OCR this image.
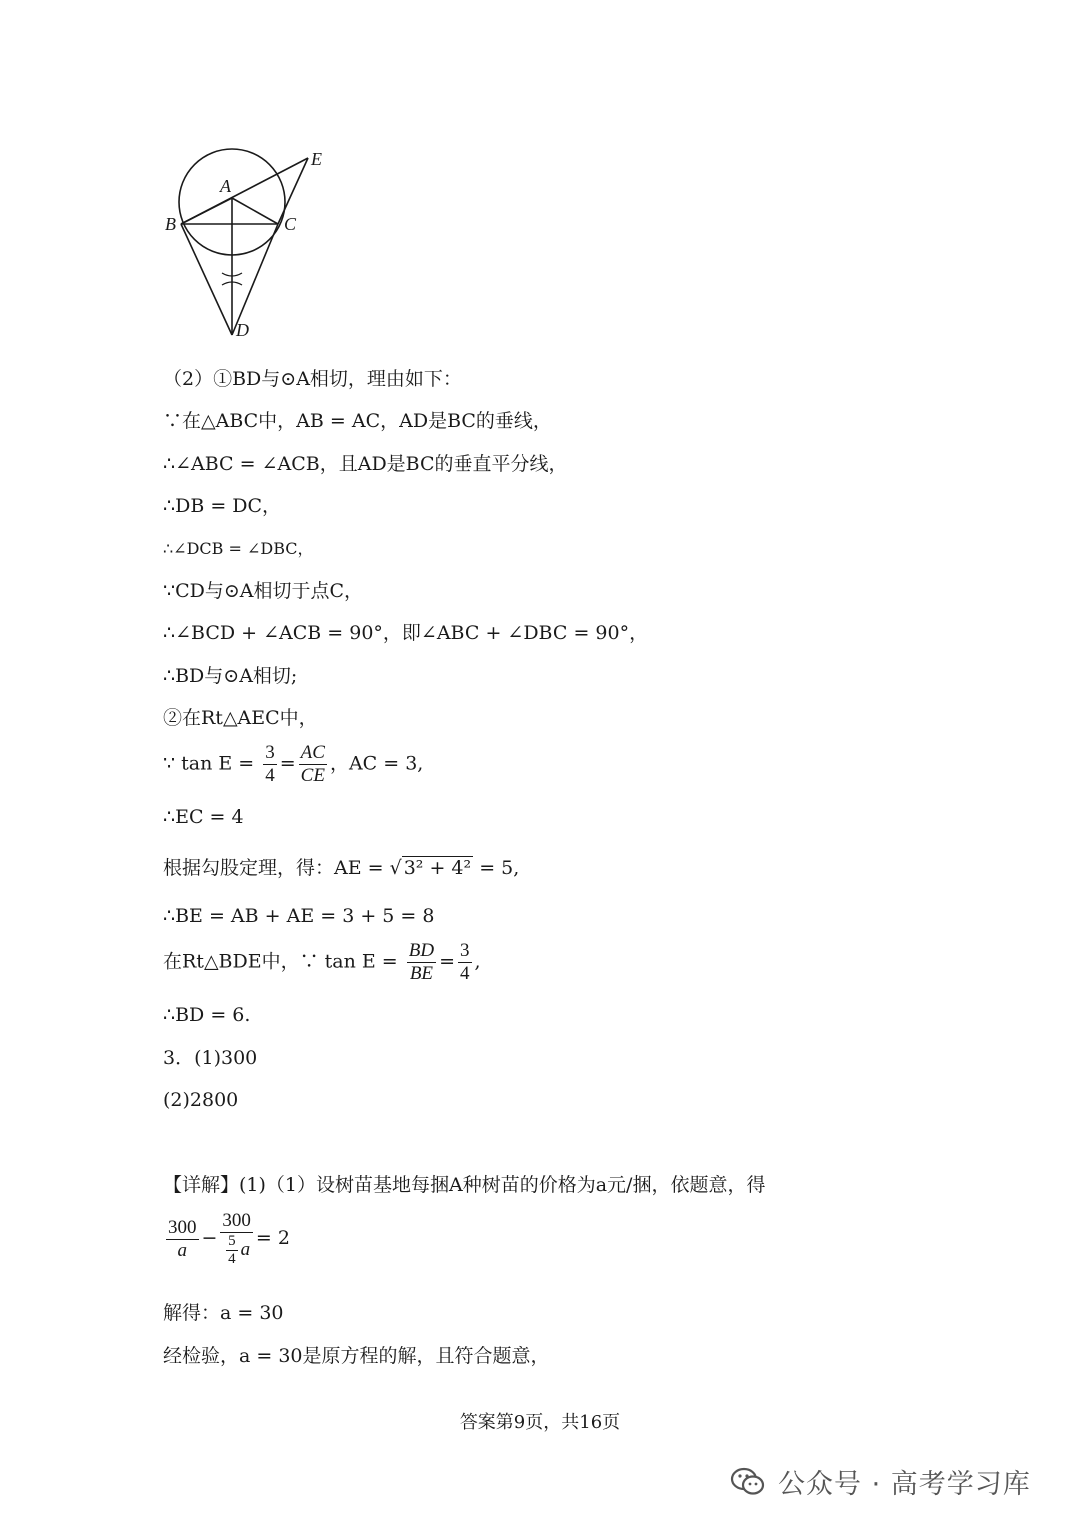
E
A
B	C
D
（2）①BD与⊙A相切，理由如下：
∵在△ABC中，AB = AC，AD是BC的垂线，
∴∠ABC = ∠ACB，且AD是BC的垂直平分线，
∴DB = DC，
∴∠DCB = ∠DBC，
∵CD与⊙A相切于点C，
∴∠BCD + ∠ACB = 90°，即∠ABC + ∠DBC = 90°，
∴BD与⊙A相切;
②在Rt△AEC中，
∵ $\tan E = \frac{3}{4} = \frac{AC}{CE}$ ，AC = 3,
∴EC = 4
根据勾股定理，得：AE = √ 3² + 4² = 5,
∴BE = AB + AE = 3 + 5 = 8
在Rt△BDE中，∵ $\tan E = \frac{BD}{BE} = \frac{3}{4}$ ,
∴BD = 6.
3．(1)300
(2)2800
【详解】(1)（1）设树苗基地每捆A种树苗的价格为a元/捆，依题意，得
$\frac{300}{a} - \frac{300}{\frac{5}{4} a} = 2$
解得：a = 30
经检验，a = 30是原方程的解，且符合题意，
答案第9页，共16页
公众号 · 高考学习库
